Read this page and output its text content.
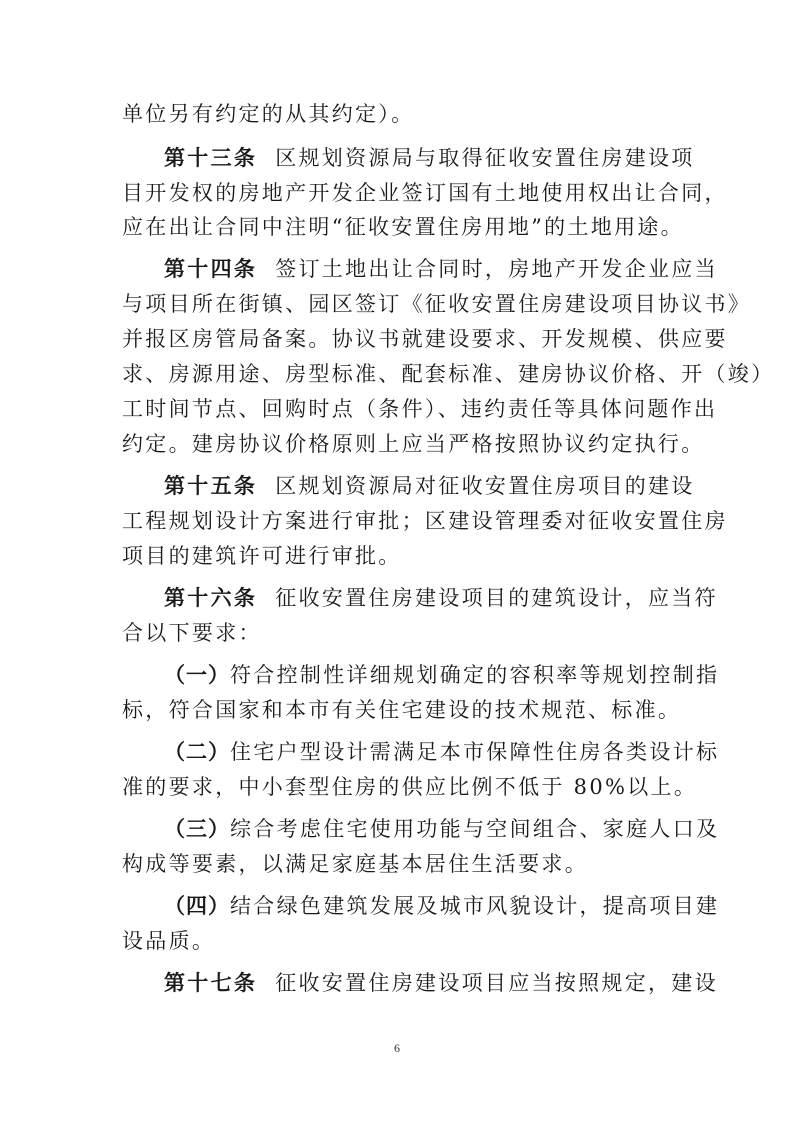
单位另有约定的从其约定）。
第十三条 区规划资源局与取得征收安置住房建设项
目开发权的房地产开发企业签订国有土地使用权出让合同，
应在出让合同中注明“征收安置住房用地”的土地用途。
第十四条 签订土地出让合同时，房地产开发企业应当
与项目所在街镇、园区签订《征收安置住房建设项目协议书》
并报区房管局备案。协议书就建设要求、开发规模、供应要
求、房源用途、房型标准、配套标准、建房协议价格、开（竣）
工时间节点、回购时点（条件）、违约责任等具体问题作出
约定。建房协议价格原则上应当严格按照协议约定执行。
第十五条 区规划资源局对征收安置住房项目的建设
工程规划设计方案进行审批；区建设管理委对征收安置住房
项目的建筑许可进行审批。
第十六条 征收安置住房建设项目的建筑设计，应当符
合以下要求：
（一）符合控制性详细规划确定的容积率等规划控制指
标，符合国家和本市有关住宅建设的技术规范、标准。
（二）住宅户型设计需满足本市保障性住房各类设计标
准的要求，中小套型住房的供应比例不低于 80%以上。
（三）综合考虑住宅使用功能与空间组合、家庭人口及
构成等要素，以满足家庭基本居住生活要求。
（四）结合绿色建筑发展及城市风貌设计，提高项目建
设品质。
第十七条 征收安置住房建设项目应当按照规定，建设
6
